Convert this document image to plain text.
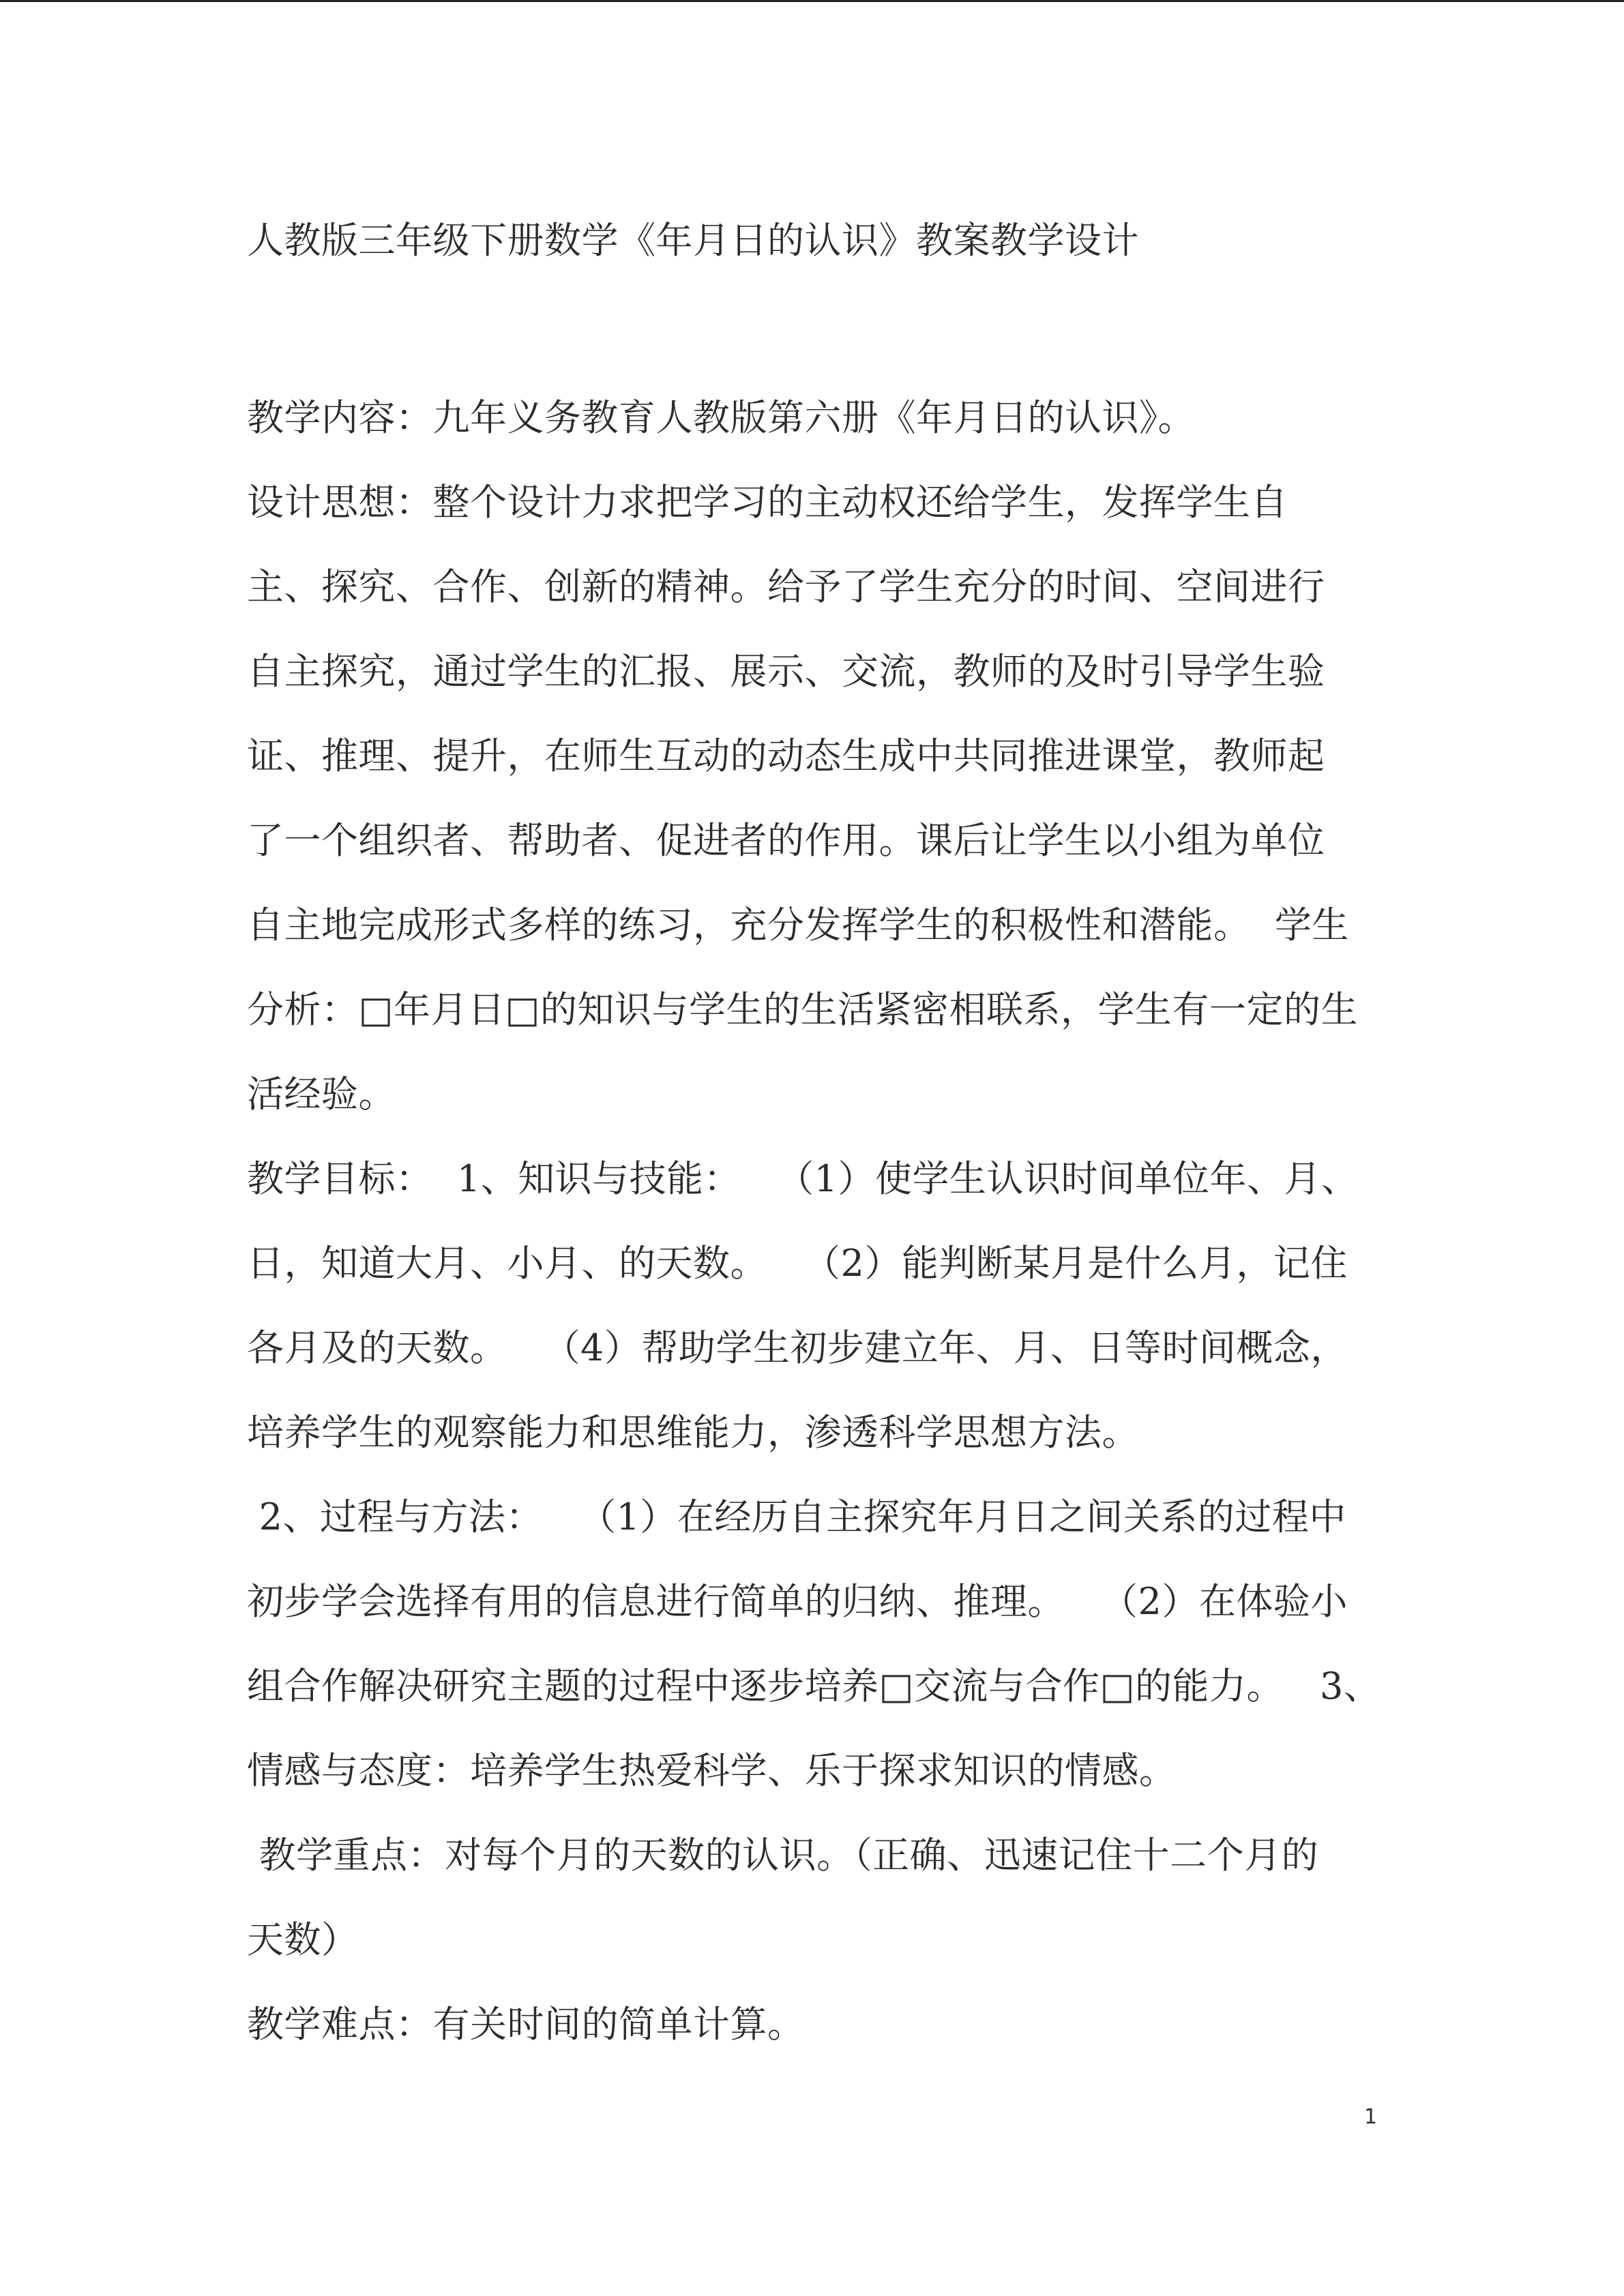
人教版三年级下册数学《年月日的认识》教案教学设计
教学内容：九年义务教育人教版第六册《年月日的认识》。
设计思想：整个设计力求把学习的主动权还给学生，发挥学生自
主、探究、合作、创新的精神。给予了学生充分的时间、空间进行
自主探究，通过学生的汇报、展示、交流，教师的及时引导学生验
证、推理、提升，在师生互动的动态生成中共同推进课堂，教师起
了一个组织者、帮助者、促进者的作用。课后让学生以小组为单位
自主地完成形式多样的练习，充分发挥学生的积极性和潜能。  学生
分析：□年月日□的知识与学生的生活紧密相联系，学生有一定的生
活经验。
教学目标：  1、知识与技能：   （1）使学生认识时间单位年、月、
日，知道大月、小月、的天数。   （2）能判断某月是什么月，记住
各月及的天数。   （4）帮助学生初步建立年、月、日等时间概念，
培养学生的观察能力和思维能力，渗透科学思想方法。
2、过程与方法：   （1）在经历自主探究年月日之间关系的过程中
初步学会选择有用的信息进行简单的归纳、推理。   （2）在体验小
组合作解决研究主题的过程中逐步培养□交流与合作□的能力。   3、
情感与态度：培养学生热爱科学、乐于探求知识的情感。
教学重点：对每个月的天数的认识。（正确、迅速记住十二个月的
天数）
教学难点：有关时间的简单计算。
1
